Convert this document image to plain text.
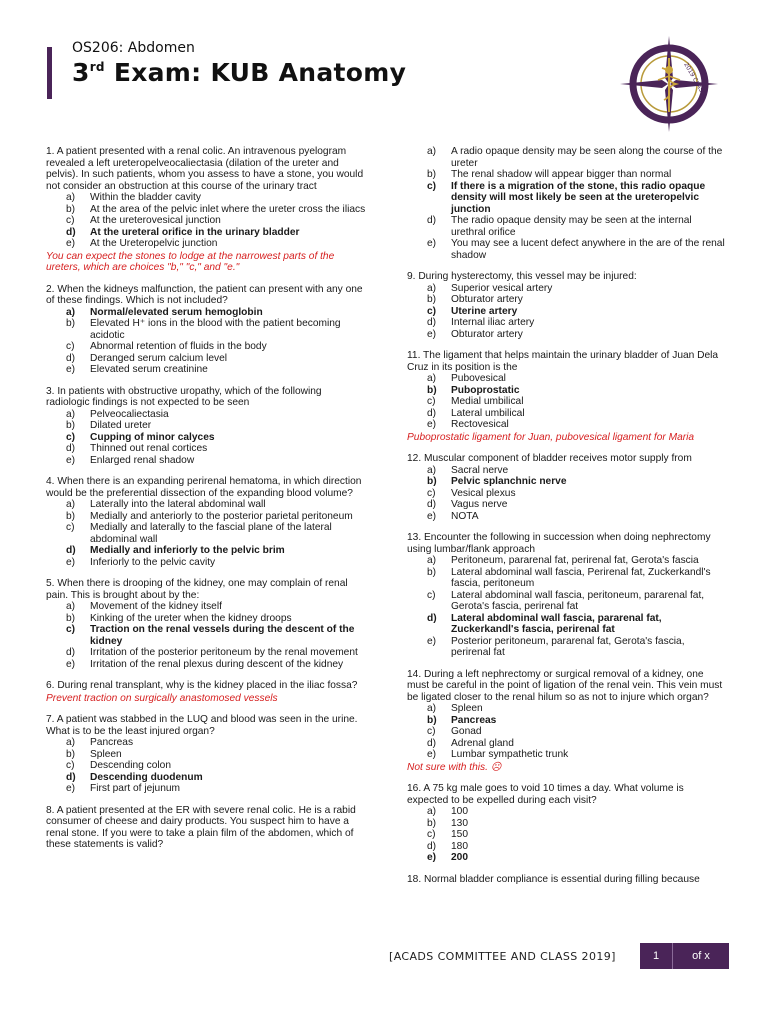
OS206: Abdomen
3rd Exam: KUB Anatomy	2019 CLASS

1. A patient presented with a renal colic. An intravenous pyelogram revealed a left ureteropelveocaliectasia (dilation of the ureter and pelvis). In such patients, whom you assess to have a stone, you would not consider an obstruction at this course of the urinary tract

a)	Within the bladder cavity
b)	At the area of the pelvic inlet where the ureter cross the iliacs
c)	At the ureterovesical junction
d)	At the ureteral orifice in the urinary bladder
e)	At the Ureteropelvic junction

You can expect the stones to lodge at the narrowest parts of the ureters, which are choices "b," "c," and "e."

2. When the kidneys malfunction, the patient can present with any one of these findings. Which is not included?

a)	Normal/elevated serum hemoglobin
b)	Elevated H⁺ ions in the blood with the patient becoming acidotic
c)	Abnormal retention of fluids in the body
d)	Deranged serum calcium level
e)	Elevated serum creatinine

3. In patients with obstructive uropathy, which of the following radiologic findings is not expected to be seen

a)	Pelveocaliectasia
b)	Dilated ureter
c)	Cupping of minor calyces
d)	Thinned out renal cortices
e)	Enlarged renal shadow

4. When there is an expanding perirenal hematoma, in which direction would be the preferential dissection of the expanding blood volume?

a)	Laterally into the lateral abdominal wall
b)	Medially and anteriorly to the posterior parietal peritoneum
c)	Medially and laterally to the fascial plane of the lateral abdominal wall
d)	Medially and inferiorly to the pelvic brim
e)	Inferiorly to the pelvic cavity

5. When there is drooping of the kidney, one may complain of renal pain. This is brought about by the:

a)	Movement of the kidney itself
b)	Kinking of the ureter when the kidney droops
c)	Traction on the renal vessels during the descent of the kidney
d)	Irritation of the posterior peritoneum by the renal movement
e)	Irritation of the renal plexus during descent of the kidney

6. During renal transplant, why is the kidney placed in the iliac fossa?

Prevent traction on surgically anastomosed vessels

7. A patient was stabbed in the LUQ and blood was seen in the urine. What is to be the least injured organ?

a)	Pancreas
b)	Spleen
c)	Descending colon
d)	Descending duodenum
e)	First part of jejunum

8. A patient presented at the ER with severe renal colic. He is a rabid consumer of cheese and dairy products. You suspect him to have a renal stone. If you were to take a plain film of the abdomen, which of these statements is valid?

a)	A radio opaque density may be seen along the course of the ureter
b)	The renal shadow will appear bigger than normal
c)	If there is a migration of the stone, this radio opaque density will most likely be seen at the ureteropelvic junction
d)	The radio opaque density may be seen at the internal urethral orifice
e)	You may see a lucent defect anywhere in the are of the renal shadow

9. During hysterectomy, this vessel may be injured:

a)	Superior vesical artery
b)	Obturator artery
c)	Uterine artery
d)	Internal iliac artery
e)	Obturator artery

11. The ligament that helps maintain the urinary bladder of Juan Dela Cruz in its position is the

a)	Pubovesical
b)	Puboprostatic
c)	Medial umbilical
d)	Lateral umbilical
e)	Rectovesical

Puboprostatic ligament for Juan, pubovesical ligament for Maria

12. Muscular component of bladder receives motor supply from

a)	Sacral nerve
b)	Pelvic splanchnic nerve
c)	Vesical plexus
d)	Vagus nerve
e)	NOTA

13. Encounter the following in succession when doing nephrectomy using lumbar/flank approach

a)	Peritoneum, pararenal fat, perirenal fat, Gerota's fascia
b)	Lateral abdominal wall fascia, Perirenal fat, Zuckerkandl's fascia, peritoneum
c)	Lateral abdominal wall fascia, peritoneum, pararenal fat, Gerota's fascia, perirenal fat
d)	Lateral abdominal wall fascia, pararenal fat, Zuckerkandl's fascia, perirenal fat
e)	Posterior peritoneum, pararenal fat, Gerota's fascia, perirenal fat

14. During a left nephrectomy or surgical removal of a kidney, one must be careful in the point of ligation of the renal vein. This vein must be ligated closer to the renal hilum so as not to injure which organ?

a)	Spleen
b)	Pancreas
c)	Gonad
d)	Adrenal gland
e)	Lumbar sympathetic trunk

Not sure with this. ☹

16. A 75 kg male goes to void 10 times a day. What volume is expected to be expelled during each visit?

a)	100
b)	130
c)	150
d)	180
e)	200

18. Normal bladder compliance is essential during filling because

[ACADS COMMITTEE AND CLASS 2019]	1	of x
